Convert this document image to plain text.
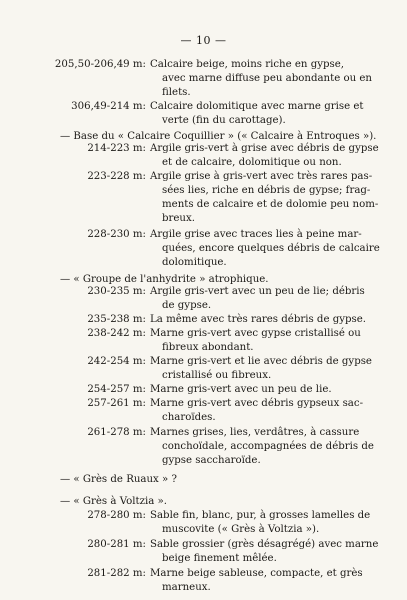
— 10 —
205,50-206,49 m: Calcaire beige, moins riche en gypse,
avec marne diffuse peu abondante ou en
filets.
306,49-214 m: Calcaire dolomitique avec marne grise et
verte (fin du carottage).
— Base du « Calcaire Coquillier » (« Calcaire à Entroques »).
214-223 m: Argile gris-vert à grise avec débris de gypse
et de calcaire, dolomitique ou non.
223-228 m: Argile grise à gris-vert avec très rares pas-
sées lies, riche en débris de gypse; frag-
ments de calcaire et de dolomie peu nom-
breux.
228-230 m: Argile grise avec traces lies à peine mar-
quées, encore quelques débris de calcaire
dolomitique.
— « Groupe de l'anhydrite » atrophique.
230-235 m: Argile gris-vert avec un peu de lie; débris
de gypse.
235-238 m: La même avec très rares débris de gypse.
238-242 m: Marne gris-vert avec gypse cristallisé ou
fibreux abondant.
242-254 m: Marne gris-vert et lie avec débris de gypse
cristallisé ou fibreux.
254-257 m: Marne gris-vert avec un peu de lie.
257-261 m: Marne gris-vert avec débris gypseux sac-
charoïdes.
261-278 m: Marnes grises, lies, verdâtres, à cassure
conchoïdale, accompagnées de débris de
gypse saccharoïde.
— « Grès de Ruaux » ?
— « Grès à Voltzia ».
278-280 m: Sable fin, blanc, pur, à grosses lamelles de
muscovite (« Grès à Voltzia »).
280-281 m: Sable grossier (grès désagrégé) avec marne
beige finement mêlée.
281-282 m: Marne beige sableuse, compacte, et grès
marneux.
